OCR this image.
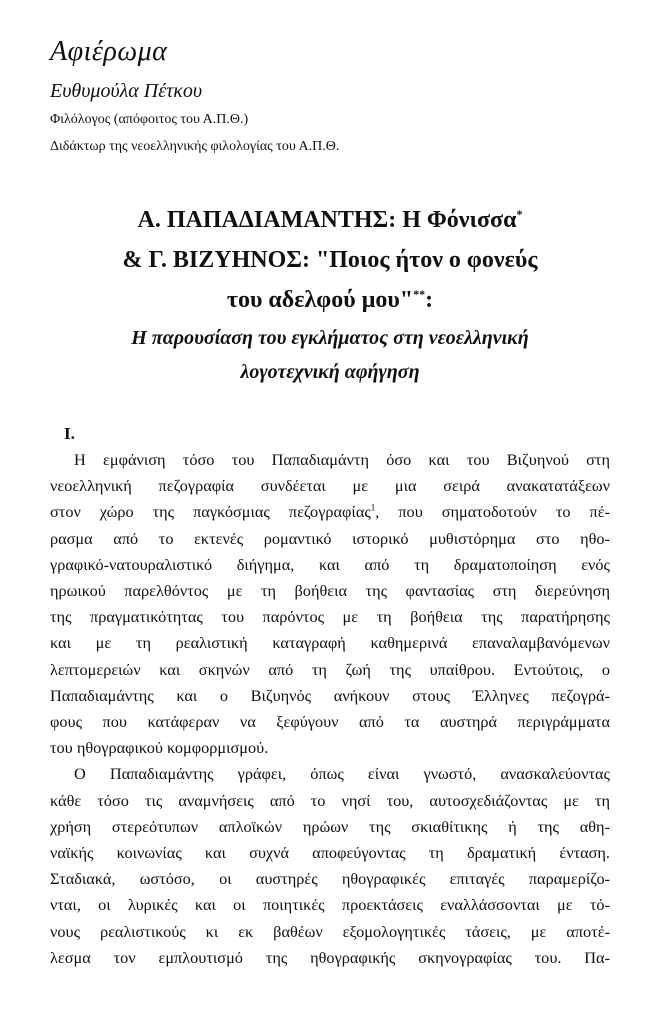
Αφιέρωμα

Ευθυμούλα Πέτκου

Φιλόλογος (απόφοιτος του Α.Π.Θ.)

Διδάκτωρ της νεοελληνικής φιλολογίας του Α.Π.Θ.

Α. ΠΑΠΑΔΙΑΜΑΝΤΗΣ: Η Φόνισσα*
& Γ. ΒΙΖΥΗΝΟΣ: "Ποιος ήτον ο φονεύς
του αδελφού μου"**:
Η παρουσίαση του εγκλήματος στη νεοελληνική
λογοτεχνική αφήγηση
I.
Η εμφάνιση τόσο του Παπαδιαμάντη όσο και του Βιζυηνού στη
νεοελληνική πεζογραφία συνδέεται με μια σειρά ανακατατάξεων
στον χώρο της παγκόσμιας πεζογραφίας$^1$, που σηματοδοτούν το πέ-
ρασμα από το εκτενές ρομαντικό ιστορικό μυθιστόρημα στο ηθο-
γραφικό-νατουραλιστικό διήγημα, και από τη δραματοποίηση ενός
ηρωικού παρελθόντος με τη βοήθεια της φαντασίας στη διερεύνηση
της πραγματικότητας του παρόντος με τη βοήθεια της παρατήρησης
και με τη ρεαλιστική καταγραφή καθημερινά επαναλαμβανόμενων
λεπτομερειών και σκηνών από τη ζωή της υπαίθρου. Εντούτοις, ο
Παπαδιαμάντης και ο Βιζυηνός ανήκουν στους Έλληνες πεζογρά-
φους που κατάφεραν να ξεφύγουν από τα αυστηρά περιγράμματα
του ηθογραφικού κομφορμισμού.
Ο Παπαδιαμάντης γράφει, όπως είναι γνωστό, ανασκαλεύοντας
κάθε τόσο τις αναμνήσεις από το νησί του, αυτοσχεδιάζοντας με τη
χρήση στερεότυπων απλοϊκών ηρώων της σκιαθίτικης ή της αθη-
ναϊκής κοινωνίας και συχνά αποφεύγοντας τη δραματική ένταση.
Σταδιακά, ωστόσο, οι αυστηρές ηθογραφικές επιταγές παραμερίζο-
νται, οι λυρικές και οι ποιητικές προεκτάσεις εναλλάσσονται με τό-
νους ρεαλιστικούς κι εκ βαθέων εξομολογητικές τάσεις, με αποτέ-
λεσμα τον εμπλουτισμό της ηθογραφικής σκηνογραφίας του. Πα-
